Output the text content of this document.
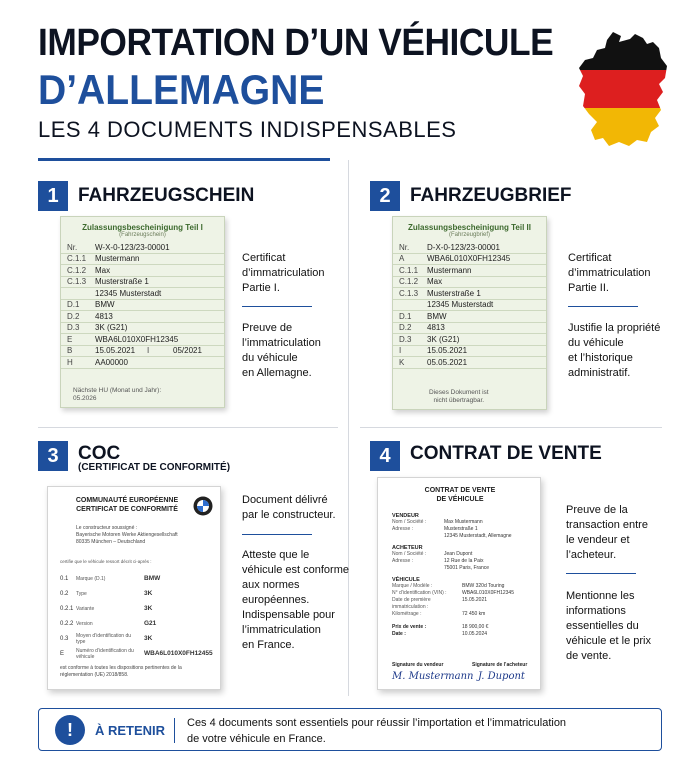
IMPORTATION D’UN VÉHICULE
D’ALLEMAGNE
LES 4 DOCUMENTS INDISPENSABLES
1	FAHRZEUGSCHEIN
Zulassungsbescheinigung Teil I
(Fahrzeugschein)
Nr.	W-X-0-123/23-00001
C.1.1	Mustermann
C.1.2	Max
C.1.3	Musterstraße 1
12345 Musterstadt
D.1	BMW
D.2	4813
D.3	3K (G21)
E	WBA6L010X0FH12345
B	15.05.2021	I	05/2021
H	AA00000
Nächste HU (Monat und Jahr):
05.2026
Certificat
d’immatriculation
Partie I.
Preuve de
l’immatriculation
du véhicule
en Allemagne.
2	FAHRZEUGBRIEF
Zulassungsbescheinigung Teil II
(Fahrzeugbrief)
Nr.	D-X-0-123/23-00001
A	WBA6L010X0FH12345
C.1.1	Mustermann
C.1.2	Max
C.1.3	Musterstraße 1
12345 Musterstadt
D.1	BMW
D.2	4813
D.3	3K (G21)
I	15.05.2021
K	05.05.2021
Dieses Dokument ist
nicht übertragbar.
Certificat
d’immatriculation
Partie II.
Justifie la propriété
du véhicule
et l’historique
administratif.
3	COC
(CERTIFICAT DE CONFORMITÉ)
COMMUNAUTÉ EUROPÉENNE
CERTIFICAT DE CONFORMITÉ
Le constructeur soussigné :
Bayerische Motoren Werke Aktiengesellschaft
80335 München – Deutschland
certifie que le véhicule ressort décrit ci-après :
0.1	Marque (D.1)	BMW
0.2	Type	3K
0.2.1 Variante	3K
0.2.2 Version	G21
0.3	Moyen d’identification du type	3K
E	Numéro d’identification du véhicule	WBA6L010X0FH12455
est conforme à toutes les dispositions pertinentes de la
réglementation (UE) 2018/858.
Document délivré
par le constructeur.
Atteste que le
véhicule est conforme
aux normes
européennes.
Indispensable pour
l’immatriculation
en France.
4	CONTRAT DE VENTE
CONTRAT DE VENTE
DE VÉHICULE
VENDEUR
Nom / Société :	Max Mustermann
Adresse :	Musterstraße 1
12345 Musterstadt, Allemagne
ACHETEUR
Nom / Société :	Jean Dupont
Adresse :	12 Rue de la Paix
75001 Paris, France
VÉHICULE
Marque / Modèle :	BMW 320d Touring
N° d’identification (VIN) :	WBA6L010X0FH12345
Date de première immatriculation :
15.05.2021
Kilométrage :	72 450 km
Prix de vente :	18 900,00 €
Date :	10.05.2024
Signature du vendeur	Signature de l’acheteur
M. Mustermann J. Dupont
Preuve de la
transaction entre
le vendeur et
l’acheteur.
Mentionne les
informations
essentielles du
véhicule et le prix
de vente.
!	À RETENIR Ces 4 documents sont essentiels pour réussir l’importation et l’immatriculation
de votre véhicule en France.
